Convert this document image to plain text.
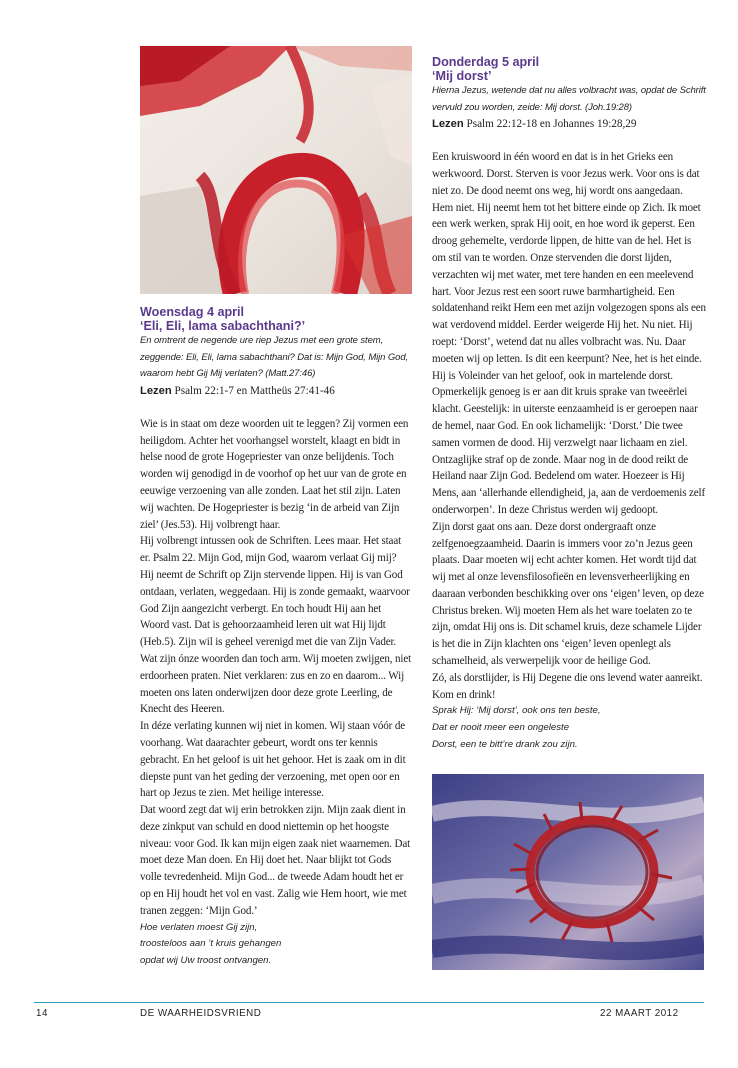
Woensdag 4 april
‘Eli, Eli, lama sabachthani?’
En omtrent de negende ure riep Jezus met een grote stem, zeggende: Eli, Eli, lama sabachthani? Dat is: Mijn God, Mijn God, waarom hebt Gij Mij verlaten? (Matt.27:46)
Lezen Psalm 22:1-7 en Mattheüs 27:41-46

Wie is in staat om deze woorden uit te leggen? Zij vormen een heiligdom. Achter het voorhangsel worstelt, klaagt en bidt in helse nood de grote Hogepriester van onze belijdenis. Toch worden wij genodigd in de voorhof op het uur van de grote en eeuwige verzoening van alle zonden. Laat het stil zijn. Laten wij wachten. De Hogepriester is bezig ‘in de arbeid van Zijn ziel’ (Jes.53). Hij volbrengt haar.

Hij volbrengt intussen ook de Schriften. Lees maar. Het staat er. Psalm 22. Mijn God, mijn God, waarom verlaat Gij mij? Hij neemt de Schrift op Zijn stervende lippen. Hij is van God ontdaan, verlaten, weggedaan. Hij is zonde gemaakt, waarvoor God Zijn aangezicht verbergt. En toch houdt Hij aan het Woord vast. Dat is gehoorzaamheid leren uit wat Hij lijdt (Heb.5). Zijn wil is geheel verenigd met die van Zijn Vader.

Wat zijn ónze woorden dan toch arm. Wij moeten zwijgen, niet erdoorheen praten. Niet verklaren: zus en zo en daarom... Wij moeten ons laten onderwijzen door deze grote Leerling, de Knecht des Heeren.

In déze verlating kunnen wij niet in komen. Wij staan vóór de voorhang. Wat daarachter gebeurt, wordt ons ter kennis gebracht. En het geloof is uit het gehoor. Het is zaak om in dit diepste punt van het geding der verzoening, met open oor en hart op Jezus te zien. Met heilige interesse.

Dat woord zegt dat wij erin betrokken zijn. Mijn zaak dient in deze zinkput van schuld en dood niettemin op het hoogste niveau: voor God. Ik kan mijn eigen zaak niet waarnemen. Dat moet deze Man doen. En Hij doet het. Naar blijkt tot Gods volle tevredenheid. Mijn God... de tweede Adam houdt het er op en Hij houdt het vol en vast. Zalig wie Hem hoort, wie met tranen zeggen: ‘Mijn God.’

Hoe verlaten moest Gij zijn,

troosteloos aan ’t kruis gehangen

opdat wij Uw troost ontvangen.

Donderdag 5 april
‘Mij dorst’
Hierna Jezus, wetende dat nu alles volbracht was, opdat de Schrift vervuld zou worden, zeide: Mij dorst. (Joh.19:28)
Lezen Psalm 22:12-18 en Johannes 19:28,29

Een kruiswoord in één woord en dat is in het Grieks een werkwoord. Dorst. Sterven is voor Jezus werk. Voor ons is dat niet zo. De dood neemt ons weg, hij wordt ons aangedaan. Hem niet. Hij neemt hem tot het bittere einde op Zich. Ik moet een werk werken, sprak Hij ooit, en hoe word ik geperst. Een droog gehemelte, verdorde lippen, de hitte van de hel. Het is om stil van te worden. Onze stervenden die dorst lijden, verzachten wij met water, met tere handen en een meelevend hart. Voor Jezus rest een soort ruwe barmhartigheid. Een soldatenhand reikt Hem een met azijn volgezogen spons als een wat verdovend middel. Eerder weigerde Hij het. Nu niet. Hij roept: ‘Dorst’, wetend dat nu alles volbracht was. Nu. Daar moeten wij op letten. Is dit een keerpunt? Nee, het is het einde. Hij is Voleinder van het geloof, ook in martelende dorst.

Opmerkelijk genoeg is er aan dit kruis sprake van tweeërlei klacht. Geestelijk: in uiterste eenzaamheid is er geroepen naar de hemel, naar God. En ook lichamelijk: ‘Dorst.’ Die twee samen vormen de dood. Hij verzwelgt naar lichaam en ziel. Ontzaglijke straf op de zonde. Maar nog in de dood reikt de Heiland naar Zijn God. Bedelend om water. Hoezeer is Hij Mens, aan ‘allerhande ellendigheid, ja, aan de verdoemenis zelf onderworpen’. In deze Christus werden wij gedoopt.

Zijn dorst gaat ons aan. Deze dorst ondergraaft onze zelfgenoegzaamheid. Daarin is immers voor zo’n Jezus geen plaats. Daar moeten wij echt achter komen. Het wordt tijd dat wij met al onze levensfilosofieën en levensverheerlijking en daaraan verbonden beschikking over ons ‘eigen’ leven, op deze Christus breken. Wij moeten Hem als het ware toelaten zo te zijn, omdat Hij ons is. Dit schamel kruis, deze schamele Lijder is het die in Zijn klachten ons ‘eigen’ leven openlegt als schamelheid, als verwerpelijk voor de heilige God.

Zó, als dorstlijder, is Hij Degene die ons levend water aanreikt. Kom en drink!

Sprak Hij: ‘Mij dorst’, ook ons ten beste,

Dat er nooit meer een ongeleste

Dorst, een te bitt’re drank zou zijn.

14	DE WAARHEIDSVRIEND	22 MAART 2012
